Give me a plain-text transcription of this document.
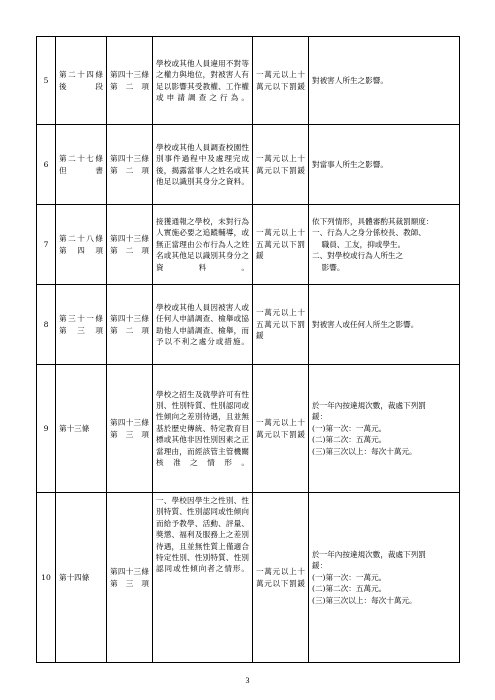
5	第二十四條後段	第四十三條第二項	學校或其他人員違用不對等之權力與地位，對被害人有足以影響其受教權、工作權或申請調查之行為。	一萬元以上十萬元以下罰鍰	對被害人所生之影響。

6	第二十七條但書	第四十三條第二項	學校或其他人員調查校園性別事件過程中及處理完成後，揭露當事人之姓名或其他足以識別其身分之資料。	一萬元以上十萬元以下罰鍰	對當事人所生之影響。

7	第二十八條第四項	第四十三條第二項	接獲通報之學校，未對行為人實施必要之追蹤輔導，或無正當理由公布行為人之姓名或其他足以識別其身分之資料。	一萬元以上十五萬元以下罰鍰	依下列情形，具體審酌其裁罰額度：
一、行為人之身分係校長、教師、
職員、工友，抑或學生。
二、對學校或行為人所生之
影響。

8	第三十一條第三項	第四十三條第二項	學校或其他人員因被害人或任何人申請調查、檢舉或協助他人申請調查、檢舉，而予以不利之處分或措施。	一萬元以上十五萬元以下罰鍰	對被害人或任何人所生之影響。

9	第十三條	第四十三條第三項	學校之招生及就學許可有性別、性別特質、性別認同或性傾向之差別待遇，且並無基於歷史傳統、特定教育目標或其他非因性別因素之正當理由，而經該管主管機關核准之情形。	一萬元以上十萬元以下罰鍰	於一年內按違規次數，裁處下列罰
鍰：
(一)第一次：一萬元。
(二)第二次：五萬元。
(三)第三次以上：每次十萬元。

10	第十四條	第四十三條第三項	一、學校因學生之性別、性別特質、性別認同或性傾向而給予教學、活動、評量、獎懲、福利及服務上之差別待遇，且並無性質上僅適合特定性別、性別特質、性別認同或性傾向者之情形。	一萬元以上十萬元以下罰鍰	於一年內按違規次數，裁處下列罰
鍰：
(一)第一次：一萬元。
(二)第二次：五萬元。
(三)第三次以上：每次十萬元。
3
